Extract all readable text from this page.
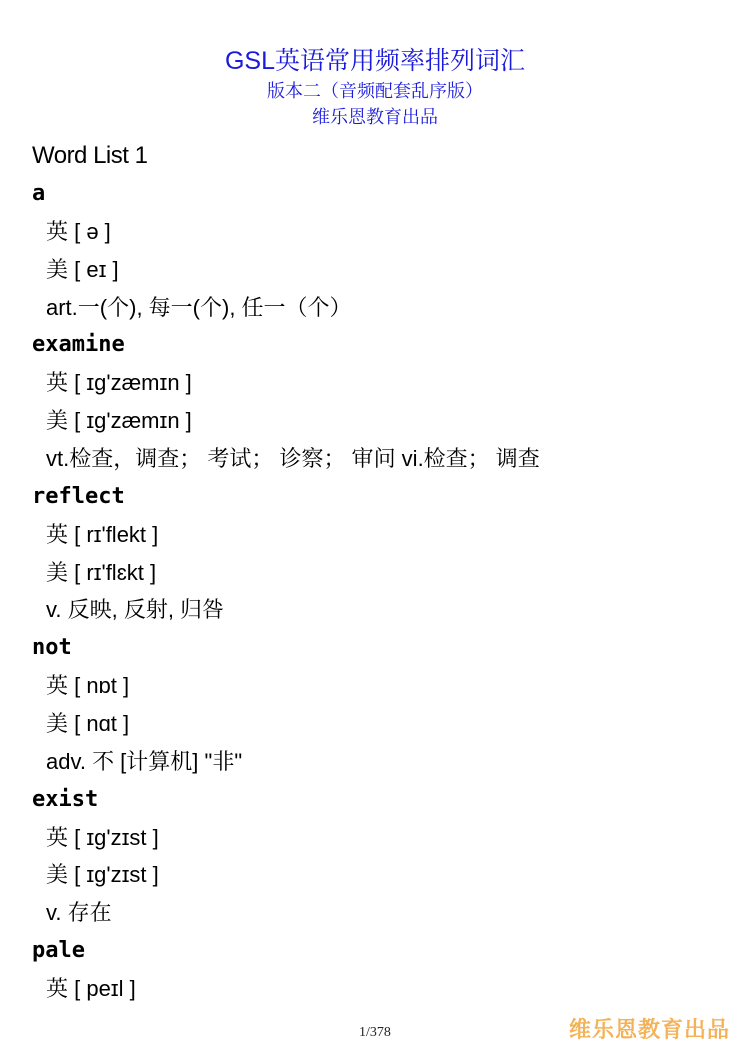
GSL英语常用频率排列词汇
版本二（音频配套乱序版）
维乐恩教育出品
Word List 1
a
英 [ ə ]
美 [ eɪ ]
art.一(个), 每一(个), 任一（个）
examine
英 [ ɪɡ'zæmɪn ]
美 [ ɪɡ'zæmɪn ]
vt.检查，调查； 考试； 诊察； 审问 vi.检查； 调查
reflect
英 [ rɪ'flekt ]
美 [ rɪ'flɛkt ]
v. 反映, 反射, 归咎
not
英 [ nɒt ]
美 [ nɑt ]
adv. 不 [计算机] "非"
exist
英 [ ɪɡ'zɪst ]
美 [ ɪɡ'zɪst ]
v. 存在
pale
英 [ peɪl ]
1/378	维乐恩教育出品
